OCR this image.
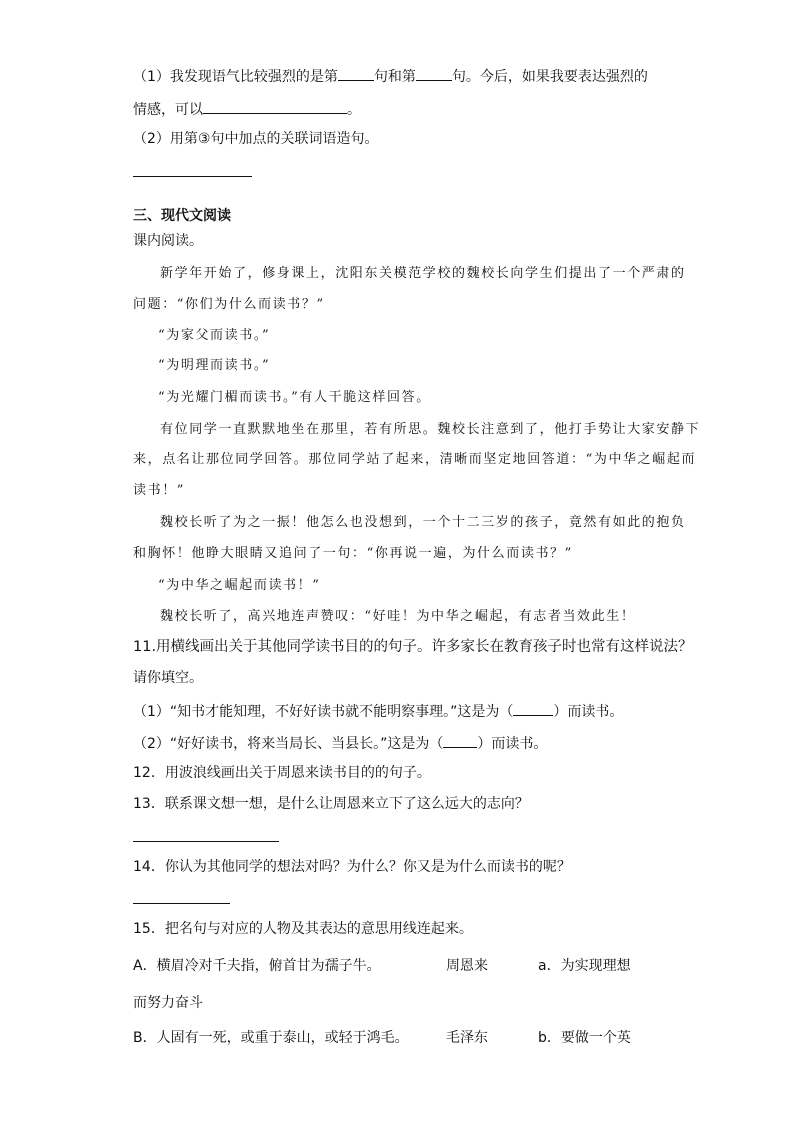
（1）我发现语气比较强烈的是第	句和第	句。今后，如果我要表达强烈的
情感，可以	。
（2）用第③句中加点的关联词语造句。
三、现代文阅读
课内阅读。
新学年开始了，修身课上，沈阳东关模范学校的魏校长向学生们提出了一个严肃的
问题：“你们为什么而读书？”
“为家父而读书。”
“为明理而读书。”
“为光耀门楣而读书。”有人干脆这样回答。
有位同学一直默默地坐在那里，若有所思。魏校长注意到了，他打手势让大家安静下
来，点名让那位同学回答。那位同学站了起来，清晰而坚定地回答道：“为中华之崛起而
读书！”
魏校长听了为之一振！他怎么也没想到，一个十二三岁的孩子，竟然有如此的抱负
和胸怀！他睁大眼睛又追问了一句：“你再说一遍，为什么而读书？”
“为中华之崛起而读书！”
魏校长听了，高兴地连声赞叹：“好哇！为中华之崛起，有志者当效此生！
11.用横线画出关于其他同学读书目的的句子。许多家长在教育孩子时也常有这样说法？
请你填空。
（1）“知书才能知理，不好好读书就不能明察事理。”这是为（	）而读书。
（2）“好好读书，将来当局长、当县长。”这是为（ ）而读书。
12．用波浪线画出关于周恩来读书目的的句子。
13．联系课文想一想，是什么让周恩来立下了这么远大的志向？
14．你认为其他同学的想法对吗？为什么？你又是为什么而读书的呢？
15．把名句与对应的人物及其表达的意思用线连起来。
A．横眉冷对千夫指，俯首甘为孺子牛。	周恩来	a．为实现理想
而努力奋斗
B．人固有一死，或重于泰山，或轻于鸿毛。	毛泽东	b．要做一个英
